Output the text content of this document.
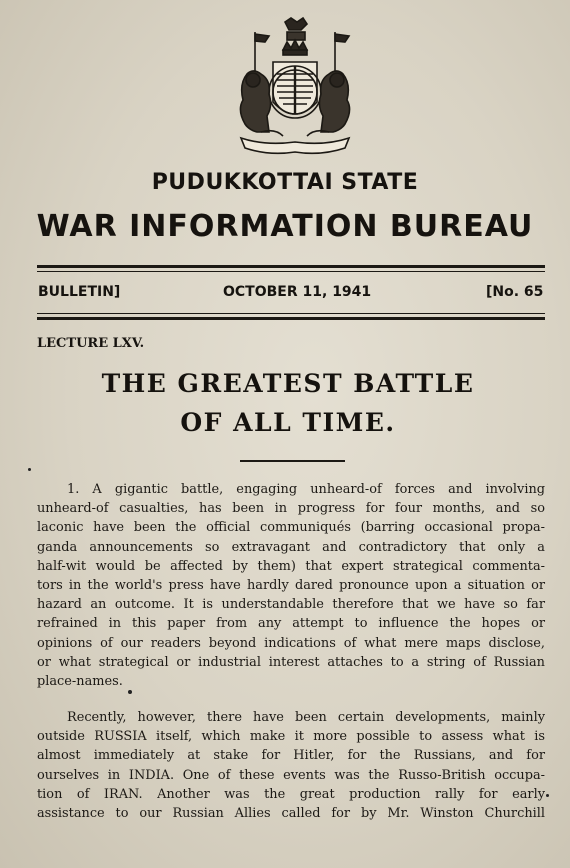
PUDUKKOTTAI STATE
WAR INFORMATION BUREAU
BULLETIN]	OCTOBER 11, 1941	[No. 65
LECTURE LXV.
THE GREATEST BATTLE
OF ALL TIME.
1. A gigantic battle, engaging unheard-of forces and involving
unheard-of casualties, has been in progress for four months, and so
laconic have been the official communiqués (barring occasional propa-
ganda announcements so extravagant and contradictory that only a
half-wit would be affected by them) that expert strategical commenta-
tors in the world's press have hardly dared pronounce upon a situation or
hazard an outcome. It is understandable therefore that we have so far
refrained in this paper from any attempt to influence the hopes or
opinions of our readers beyond indications of what mere maps disclose,
or what strategical or industrial interest attaches to a string of Russian
place-names.
Recently, however, there have been certain developments, mainly
outside RUSSIA itself, which make it more possible to assess what is
almost immediately at stake for Hitler, for the Russians, and for
ourselves in INDIA. One of these events was the Russo-British occupa-
tion of IRAN. Another was the great production rally for early
assistance to our Russian Allies called for by Mr. Winston Churchill
